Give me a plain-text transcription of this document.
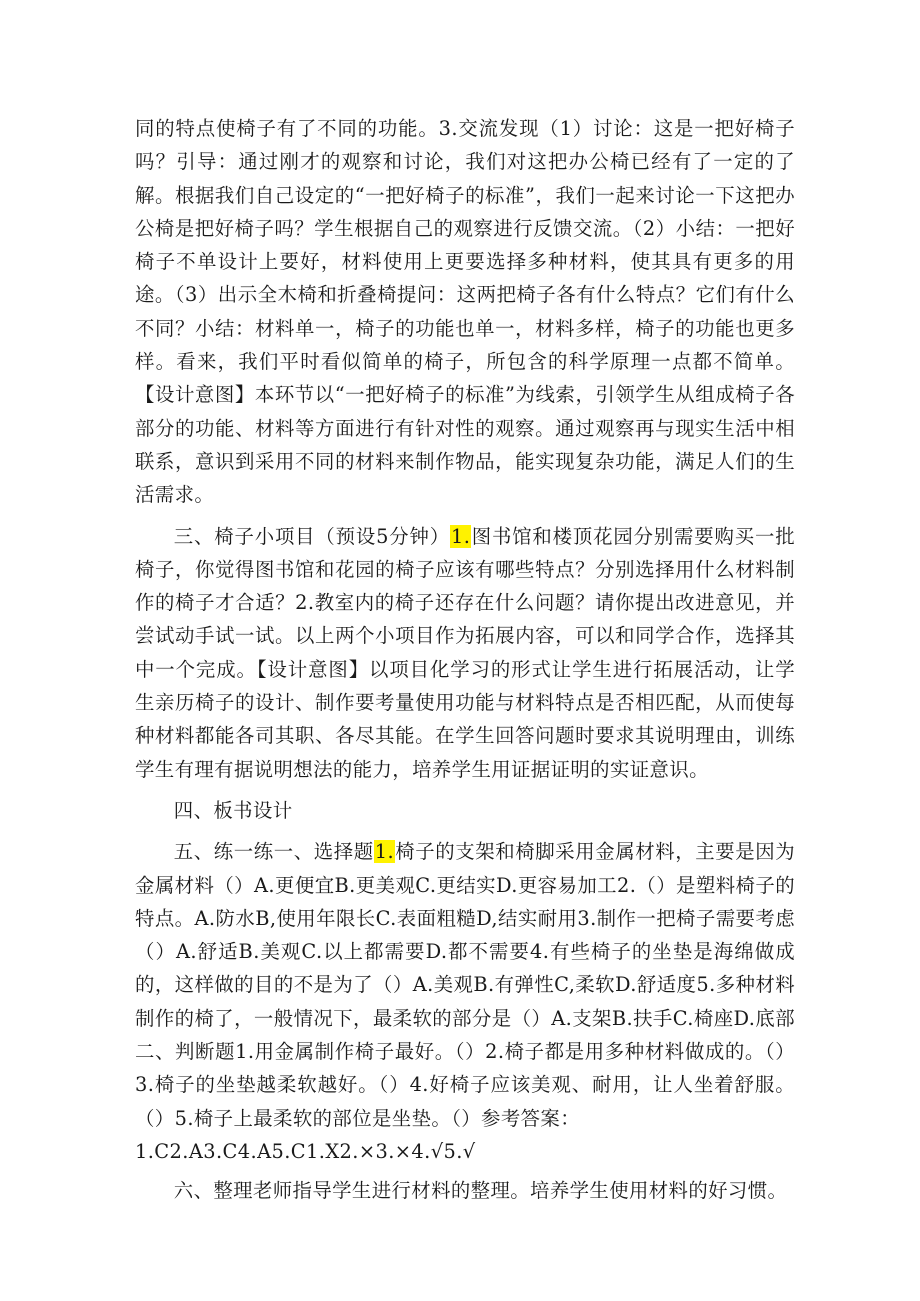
同的特点使椅子有了不同的功能。3.交流发现（1）讨论：这是一把好椅子吗？引导：通过刚才的观察和讨论，我们对这把办公椅已经有了一定的了解。根据我们自己设定的“一把好椅子的标准”，我们一起来讨论一下这把办公椅是把好椅子吗？学生根据自己的观察进行反馈交流。（2）小结：一把好椅子不单设计上要好，材料使用上更要选择多种材料，使其具有更多的用途。（3）出示全木椅和折叠椅提问：这两把椅子各有什么特点？它们有什么不同？小结：材料单一，椅子的功能也单一，材料多样，椅子的功能也更多样。看来，我们平时看似简单的椅子，所包含的科学原理一点都不简单。【设计意图】本环节以“一把好椅子的标准”为线索，引领学生从组成椅子各部分的功能、材料等方面进行有针对性的观察。通过观察再与现实生活中相联系，意识到采用不同的材料来制作物品，能实现复杂功能，满足人们的生活需求。

三、椅子小项目（预设5分钟）1.图书馆和楼顶花园分别需要购买一批椅子，你觉得图书馆和花园的椅子应该有哪些特点？分别选择用什么材料制作的椅子才合适？2.教室内的椅子还存在什么问题？请你提出改进意见，并尝试动手试一试。以上两个小项目作为拓展内容，可以和同学合作，选择其中一个完成。【设计意图】以项目化学习的形式让学生进行拓展活动，让学生亲历椅子的设计、制作要考量使用功能与材料特点是否相匹配，从而使每种材料都能各司其职、各尽其能。在学生回答问题时要求其说明理由，训练学生有理有据说明想法的能力，培养学生用证据证明的实证意识。

四、板书设计

五、练一练一、选择题1.椅子的支架和椅脚采用金属材料，主要是因为金属材料（）A.更便宜B.更美观C.更结实D.更容易加工2.（）是塑料椅子的特点。A.防水B,使用年限长C.表面粗糙D,结实耐用3.制作一把椅子需要考虑（）A.舒适B.美观C.以上都需要D.都不需要4.有些椅子的坐垫是海绵做成的，这样做的目的不是为了（）A.美观B.有弹性C,柔软D.舒适度5.多种材料制作的椅了，一般情况下，最柔软的部分是（）A.支架B.扶手C.椅座D.底部二、判断题1.用金属制作椅子最好。（）2.椅子都是用多种材料做成的。（）3.椅子的坐垫越柔软越好。（）4.好椅子应该美观、耐用，让人坐着舒服。（）5.椅子上最柔软的部位是坐垫。（）参考答案：

1.C2.A3.C4.A5.C1.X2.×3.×4.√5.√

六、整理老师指导学生进行材料的整理。培养学生使用材料的好习惯。
